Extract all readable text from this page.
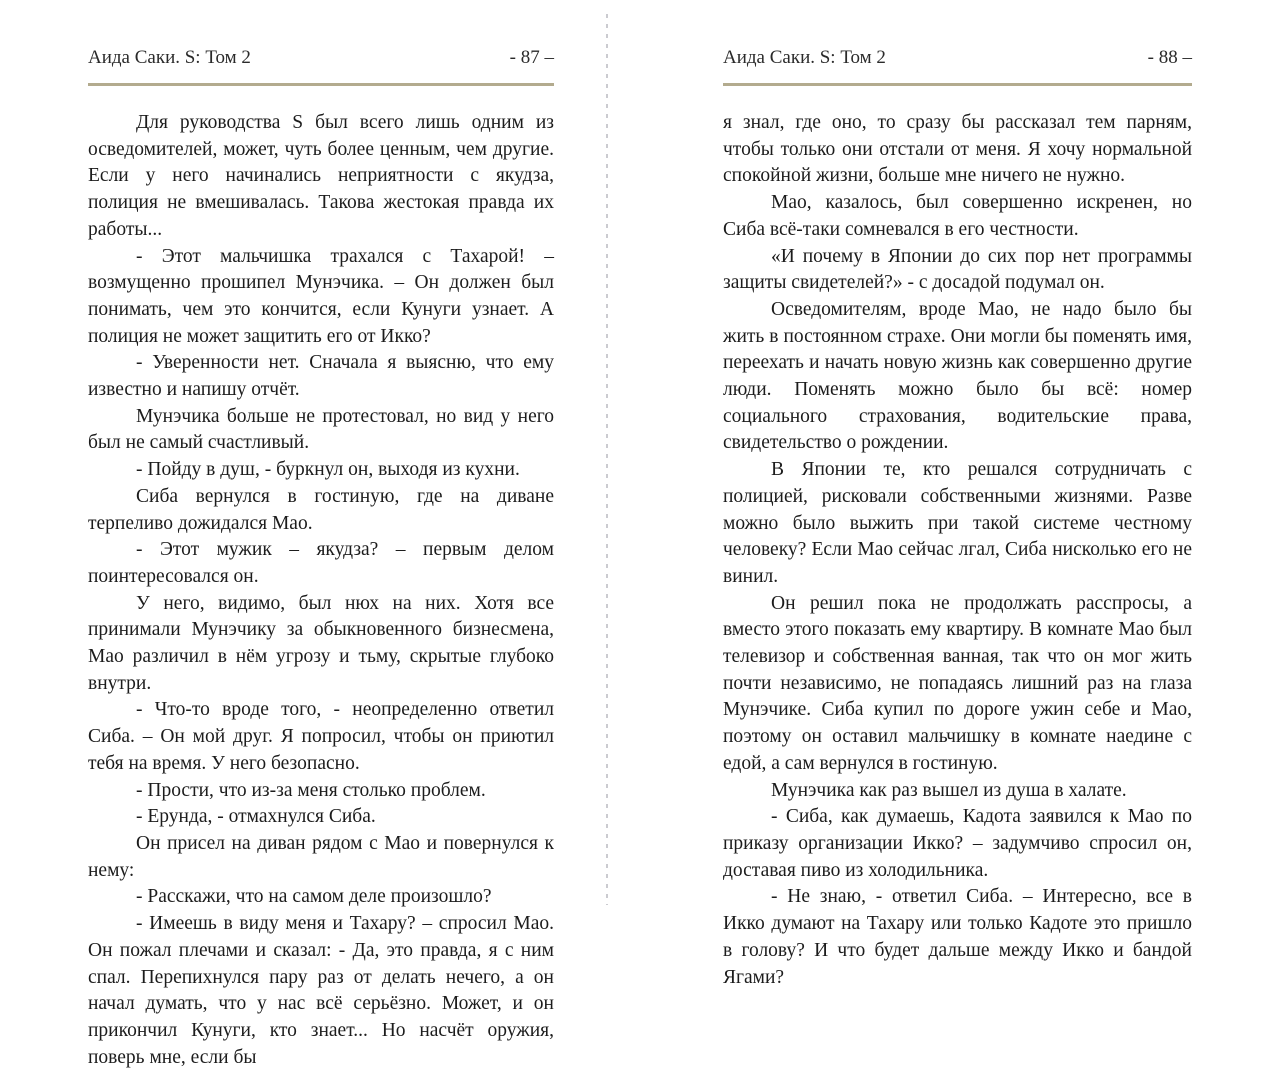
Аида Саки. S: Том 2	- 87 –

Для руководства S был всего лишь одним из осведомителей, может, чуть более ценным, чем другие. Если у него начинались неприятности с якудза, полиция не вмешивалась. Такова жестокая правда их работы...

- Этот мальчишка трахался с Тахарой! – возмущенно прошипел Мунэчика. – Он должен был понимать, чем это кончится, если Кунуги узнает. А полиция не может защитить его от Икко?

- Уверенности нет. Сначала я выясню, что ему известно и напишу отчёт.

Мунэчика больше не протестовал, но вид у него был не самый счастливый.

- Пойду в душ, - буркнул он, выходя из кухни.

Сиба вернулся в гостиную, где на диване терпеливо дожидался Мао.

- Этот мужик – якудза? – первым делом поинтересовался он.

У него, видимо, был нюх на них. Хотя все принимали Мунэчику за обыкновенного бизнесмена, Мао различил в нём угрозу и тьму, скрытые глубоко внутри.

- Что-то вроде того, - неопределенно ответил Сиба. – Он мой друг. Я попросил, чтобы он приютил тебя на время. У него безопасно.

- Прости, что из-за меня столько проблем.

- Ерунда, - отмахнулся Сиба.

Он присел на диван рядом с Мао и повернулся к нему:

- Расскажи, что на самом деле произошло?

- Имеешь в виду меня и Тахару? – спросил Мао. Он пожал плечами и сказал: - Да, это правда, я с ним спал. Перепихнулся пару раз от делать нечего, а он начал думать, что у нас всё серьёзно. Может, и он прикончил Кунуги, кто знает... Но насчёт оружия, поверь мне, если бы

Аида Саки. S: Том 2	- 88 –

я знал, где оно, то сразу бы рассказал тем парням, чтобы только они отстали от меня. Я хочу нормальной спокойной жизни, больше мне ничего не нужно.

Мао, казалось, был совершенно искренен, но Сиба всё-таки сомневался в его честности.

«И почему в Японии до сих пор нет программы защиты свидетелей?» - с досадой подумал он.

Осведомителям, вроде Мао, не надо было бы жить в постоянном страхе. Они могли бы поменять имя, переехать и начать новую жизнь как совершенно другие люди. Поменять можно было бы всё: номер социального страхования, водительские права, свидетельство о рождении.

В Японии те, кто решался сотрудничать с полицией, рисковали собственными жизнями. Разве можно было выжить при такой системе честному человеку? Если Мао сейчас лгал, Сиба нисколько его не винил.

Он решил пока не продолжать расспросы, а вместо этого показать ему квартиру. В комнате Мао был телевизор и собственная ванная, так что он мог жить почти независимо, не попадаясь лишний раз на глаза Мунэчике. Сиба купил по дороге ужин себе и Мао, поэтому он оставил мальчишку в комнате наедине с едой, а сам вернулся в гостиную.

Мунэчика как раз вышел из душа в халате.

- Сиба, как думаешь, Кадота заявился к Мао по приказу организации Икко? – задумчиво спросил он, доставая пиво из холодильника.

- Не знаю, - ответил Сиба. – Интересно, все в Икко думают на Тахару или только Кадоте это пришло в голову? И что будет дальше между Икко и бандой Ягами?
